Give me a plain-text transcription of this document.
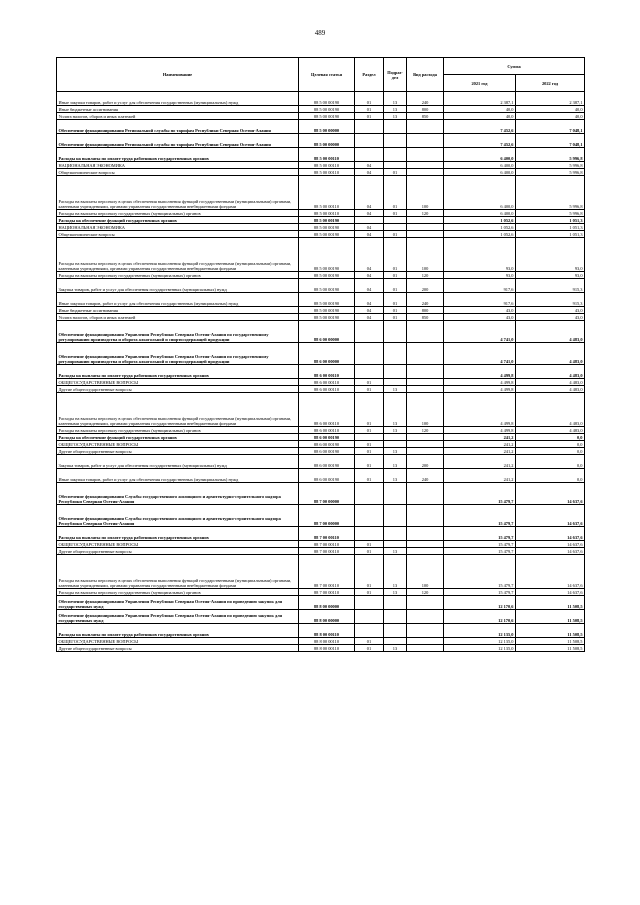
489
Наименование	Целевая статья	Раздел	Подраз-дел	Вид расхода	Сумма	
					2021 год	2022 год
Иные закупки товаров, работ и услуг для обеспечения государственных (муниципальных) нужд	88 5 00 00190	01	13	240	2 387,1	2 387,1
Иные бюджетные ассигнования	88 5 00 00190	01	13	800	40,0	40,0
Уплата налогов, сборов и иных платежей	88 5 00 00190	01	13	850	40,0	40,0
Обеспечение функционирования Региональной службы по тарифам Республики Северная Осетия-Алания	88 5 00 00000				7 452,6	7 048,1
Обеспечение функционирования Региональной службы по тарифам Республики Северная Осетия-Алания	88 5 00 00000				7 452,6	7 048,1
Расходы на выплаты по оплате труда работников государственных органов	88 5 00 00110				6 400,0	5 996,8
НАЦИОНАЛЬНАЯ ЭКОНОМИКА	88 5 00 00110	04			6 400,0	5 996,8
Общеэкономические вопросы	88 5 00 00110	04	01		6 400,0	5 996,8
Расходы на выплаты персоналу в целях обеспечения выполнения функций государственными (муниципальными) органами, казенными учреждениями, органами управления государственными внебюджетными фондами	88 5 00 00110	04	01	100	6 400,0	5 996,8
Расходы на выплаты персоналу государственных (муниципальных) органов	88 5 00 00110	04	01	120	6 400,0	5 996,8
Расходы на обеспечение функций государственных органов	88 5 00 00190				1 052,6	1 051,3
НАЦИОНАЛЬНАЯ ЭКОНОМИКА	88 5 00 00190	04			1 052,6	1 051,3
Общеэкономические вопросы	88 5 00 00190	04	01		1 052,6	1 051,3
Расходы на выплаты персоналу в целях обеспечения выполнения функций государственными (муниципальными) органами, казенными учреждениями, органами управления государственными внебюджетными фондами	88 5 00 00190	04	01	100	93,0	93,0
Расходы на выплаты персоналу государственных (муниципальных) органов	88 5 00 00190	04	01	120	93,0	93,0
Закупка товаров, работ и услуг для обеспечения государственных (муниципальных) нужд	88 5 00 00190	04	01	200	917,6	915,3
Иные закупки товаров, работ и услуг для обеспечения государственных (муниципальных) нужд	88 5 00 00190	04	01	240	917,6	915,3
Иные бюджетные ассигнования	88 5 00 00190	04	01	800	43,0	43,0
Уплата налогов, сборов и иных платежей	88 5 00 00190	04	01	850	43,0	43,0
Обеспечение функционирования Управления Республики Северная Осетия-Алания по государственному регулированию производства и оборота алкогольной и спиртосодержащей продукции	88 6 00 00000				4 741,0	4 483,0
Обеспечение функционирования Управления Республики Северная Осетия-Алания по государственному регулированию производства и оборота алкогольной и спиртосодержащей продукции	88 6 00 00000				4 741,0	4 483,0
Расходы на выплаты по оплате труда работников государственных органов	88 6 00 00110				4 499,8	4 483,0
ОБЩЕГОСУДАРСТВЕННЫЕ ВОПРОСЫ	88 6 00 00110	01			4 499,8	4 483,0
Другие общегосударственные вопросы	88 6 00 00110	01	13		4 499,8	4 483,0
Расходы на выплаты персоналу в целях обеспечения выполнения функций государственными (муниципальными) органами, казенными учреждениями, органами управления государственными внебюджетными фондами	88 6 00 00110	01	13	100	4 499,8	4 483,0
Расходы на выплаты персоналу государственных (муниципальных) органов	88 6 00 00110	01	13	120	4 499,8	4 483,0
Расходы на обеспечение функций государственных органов	88 6 00 00190				241,2	0,0
ОБЩЕГОСУДАРСТВЕННЫЕ ВОПРОСЫ	88 6 00 00190	01			241,2	0,0
Другие общегосударственные вопросы	88 6 00 00190	01	13		241,2	0,0
Закупка товаров, работ и услуг для обеспечения государственных (муниципальных) нужд	88 6 00 00190	01	13	200	241,2	0,0
Иные закупки товаров, работ и услуг для обеспечения государственных (муниципальных) нужд	88 6 00 00190	01	13	240	241,2	0,0
Обеспечение функционирования Службы государственного жилищного и архитектурно-строительного надзора Республики Северная Осетия-Алания	88 7 00 00000				15 479,7	14 637,6
Обеспечение функционирования Службы государственного жилищного и архитектурно-строительного надзора Республики Северная Осетия-Алания	88 7 00 00000				15 479,7	14 637,6
Расходы на выплаты по оплате труда работников государственных органов	88 7 00 00110				15 479,7	14 637,6
ОБЩЕГОСУДАРСТВЕННЫЕ ВОПРОСЫ	88 7 00 00110	01			15 479,7	14 637,6
Другие общегосударственные вопросы	88 7 00 00110	01	13		15 479,7	14 637,6
Расходы на выплаты персоналу в целях обеспечения выполнения функций государственными (муниципальными) органами, казенными учреждениями, органами управления государственными внебюджетными фондами	88 7 00 00110	01	13	100	15 479,7	14 637,6
Расходы на выплаты персоналу государственных (муниципальных) органов	88 7 00 00110	01	13	120	15 479,7	14 637,6
Обеспечение функционирования Управления Республики Северная Осетия-Алания по проведению закупок для государственных нужд	88 8 00 00000				12 170,6	11 508,5
Обеспечение функционирования Управления Республики Северная Осетия-Алания по проведению закупок для государственных нужд	88 8 00 00000				12 170,6	11 508,5
Расходы на выплаты по оплате труда работников государственных органов	88 8 00 00110				12 135,0	11 508,5
ОБЩЕГОСУДАРСТВЕННЫЕ ВОПРОСЫ	88 8 00 00110	01			12 135,0	11 508,5
Другие общегосударственные вопросы	88 8 00 00110	01	13		12 135,0	11 508,5
